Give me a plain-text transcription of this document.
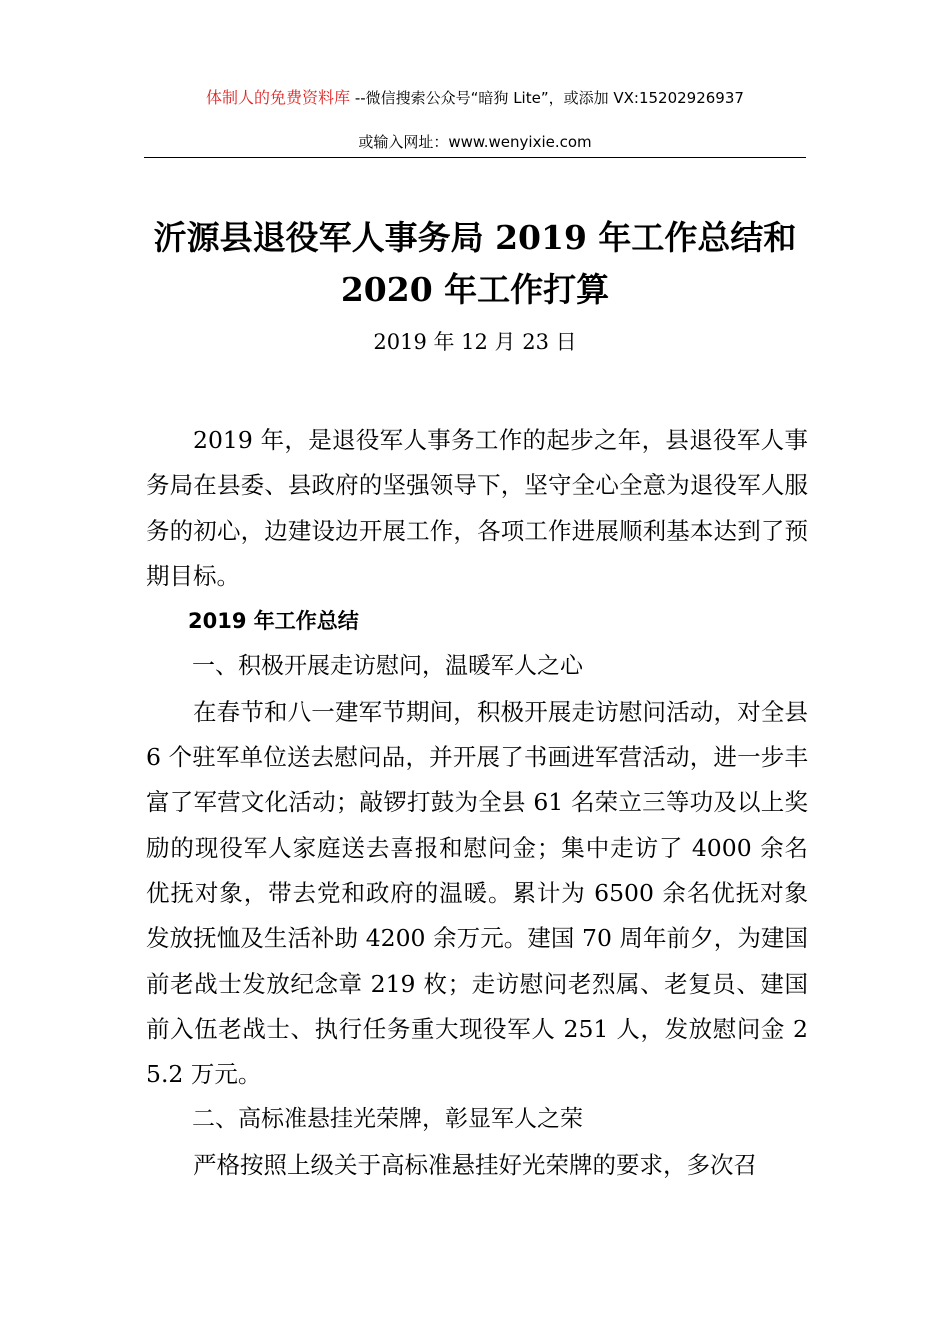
体制人的免费资料库 --微信搜索公众号“暗狗 Lite”，或添加 VX:15202926937
或输入网址：www.wenyixie.com
沂源县退役军人事务局 2019 年工作总结和
2020 年工作打算
2019 年 12 月 23 日

2019 年，是退役军人事务工作的起步之年，县退役军人事务局在县委、县政府的坚强领导下，坚守全心全意为退役军人服务的初心，边建设边开展工作，各项工作进展顺利基本达到了预期目标。

2019 年工作总结

一、积极开展走访慰问，温暖军人之心

在春节和八一建军节期间，积极开展走访慰问活动，对全县 6 个驻军单位送去慰问品，并开展了书画进军营活动，进一步丰富了军营文化活动；敲锣打鼓为全县 61 名荣立三等功及以上奖励的现役军人家庭送去喜报和慰问金；集中走访了 4000 余名优抚对象，带去党和政府的温暖。累计为 6500 余名优抚对象发放抚恤及生活补助 4200 余万元。建国 70 周年前夕，为建国前老战士发放纪念章 219 枚；走访慰问老烈属、老复员、建国前入伍老战士、执行任务重大现役军人 251 人，发放慰问金 25.2 万元。

二、高标准悬挂光荣牌，彰显军人之荣

严格按照上级关于高标准悬挂好光荣牌的要求，多次召
